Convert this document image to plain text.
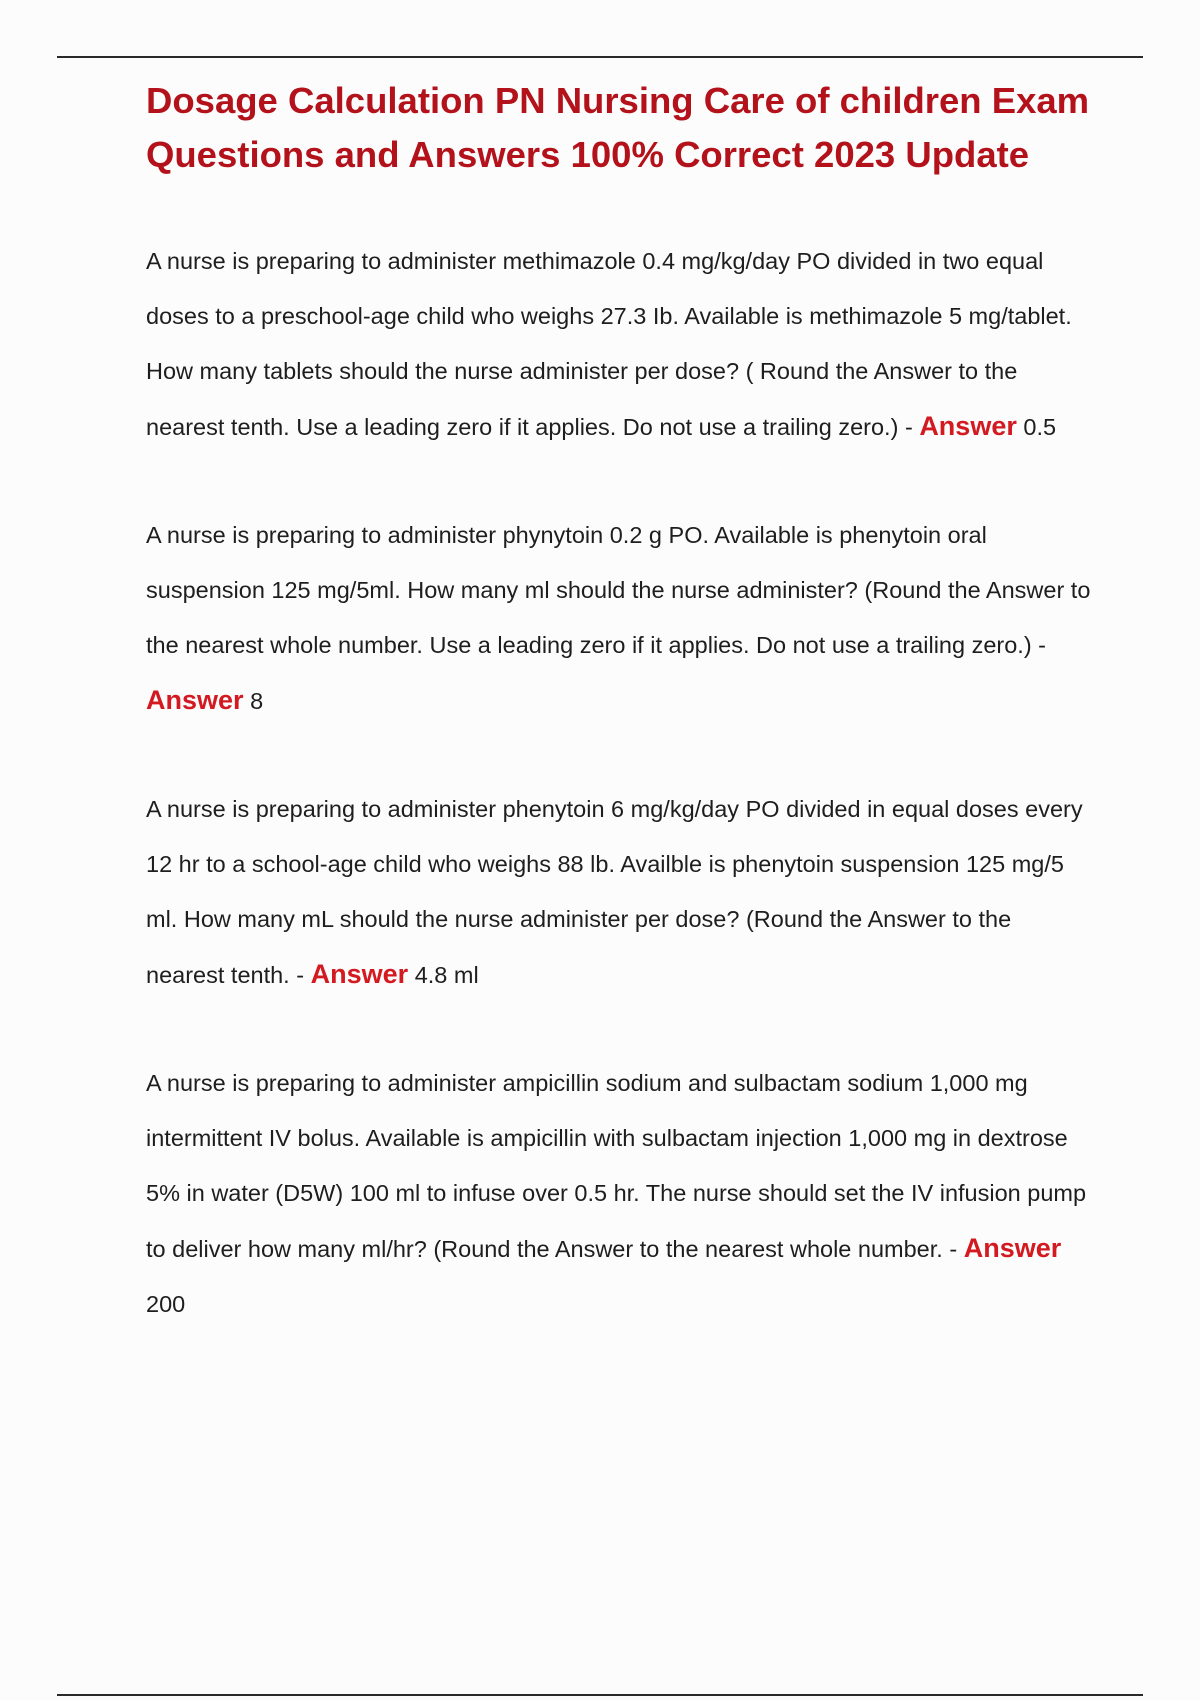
Dosage Calculation PN Nursing Care of children Exam Questions and Answers 100% Correct 2023 Update

A nurse is preparing to administer methimazole 0.4 mg/kg/day PO divided in two equal doses to a preschool-age child who weighs 27.3 Ib. Available is methimazole 5 mg/tablet. How many tablets should the nurse administer per dose? ( Round the Answer to the nearest tenth. Use a leading zero if it applies. Do not use a trailing zero.) - Answer 0.5

A nurse is preparing to administer phynytoin 0.2 g PO. Available is phenytoin oral suspension 125 mg/5ml. How many ml should the nurse administer? (Round the Answer to the nearest whole number. Use a leading zero if it applies. Do not use a trailing zero.) - Answer 8

A nurse is preparing to administer phenytoin 6 mg/kg/day PO divided in equal doses every 12 hr to a school-age child who weighs 88 lb. Availble is phenytoin suspension 125 mg/5 ml. How many mL should the nurse administer per dose? (Round the Answer to the nearest tenth. - Answer 4.8 ml

A nurse is preparing to administer ampicillin sodium and sulbactam sodium 1,000 mg intermittent IV bolus. Available is ampicillin with sulbactam injection 1,000 mg in dextrose 5% in water (D5W) 100 ml to infuse over 0.5 hr. The nurse should set the IV infusion pump to deliver how many ml/hr? (Round the Answer to the nearest whole number. - Answer 200
